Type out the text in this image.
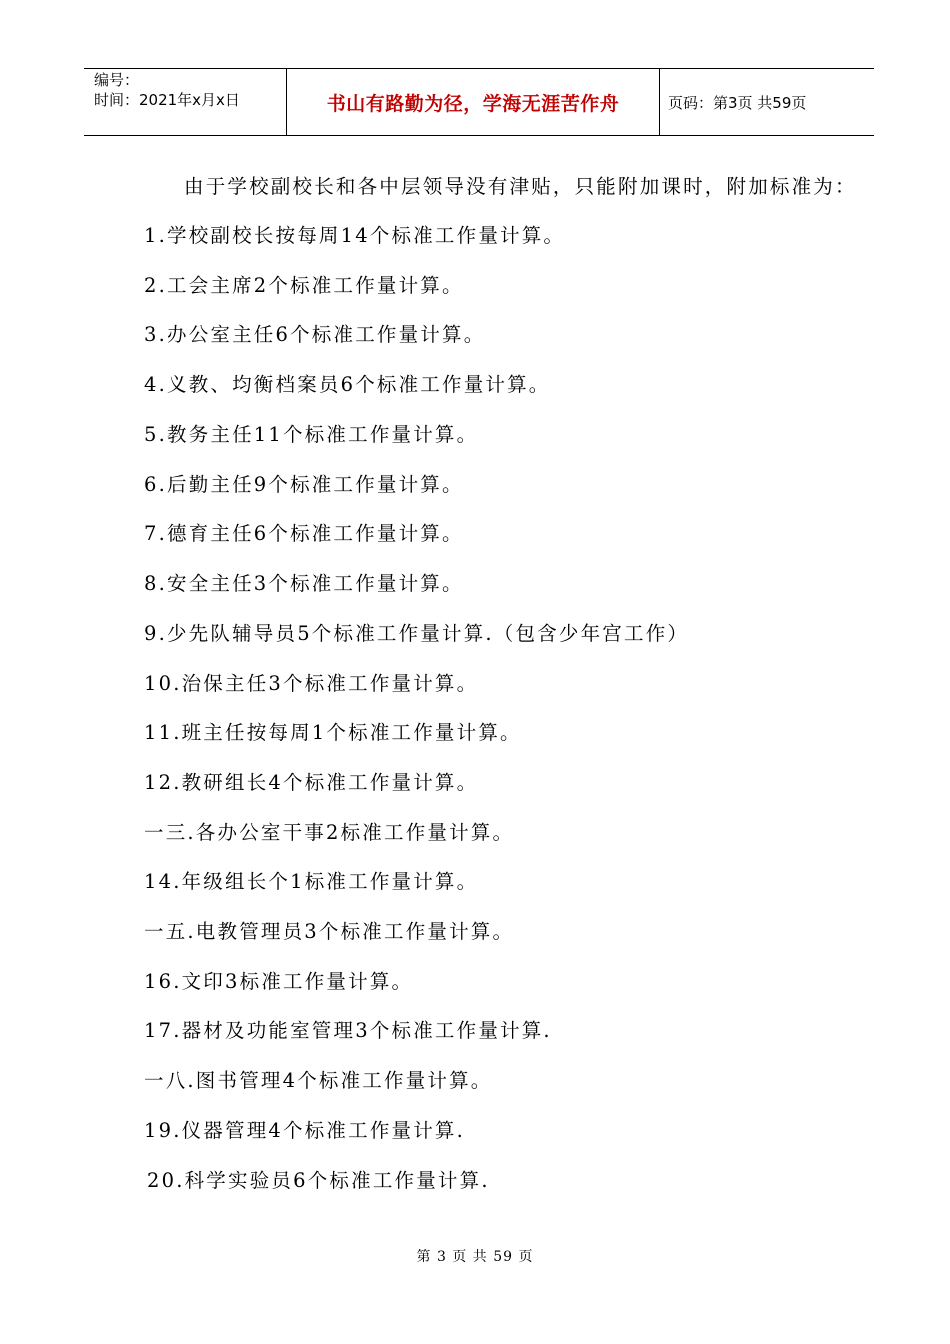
编号：
时间：2021年x月x日	书山有路勤为径，学海无涯苦作舟	页码：第3页 共59页
由于学校副校长和各中层领导没有津贴，只能附加课时，附加标准为：
1.学校副校长按每周14个标准工作量计算。
2.工会主席2个标准工作量计算。
3.办公室主任6个标准工作量计算。
4.义教、均衡档案员6个标准工作量计算。
5.教务主任11个标准工作量计算。
6.后勤主任9个标准工作量计算。
7.德育主任6个标准工作量计算。
8.安全主任3个标准工作量计算。
9.少先队辅导员5个标准工作量计算.（包含少年宫工作）
10.治保主任3个标准工作量计算。
11.班主任按每周1个标准工作量计算。
12.教研组长4个标准工作量计算。
一三.各办公室干事2标准工作量计算。
14.年级组长个1标准工作量计算。
一五.电教管理员3个标准工作量计算。
16.文印3标准工作量计算。
17.器材及功能室管理3个标准工作量计算.
一八.图书管理4个标准工作量计算。
19.仪器管理4个标准工作量计算.
20.科学实验员6个标准工作量计算.
第 3 页 共 59 页
